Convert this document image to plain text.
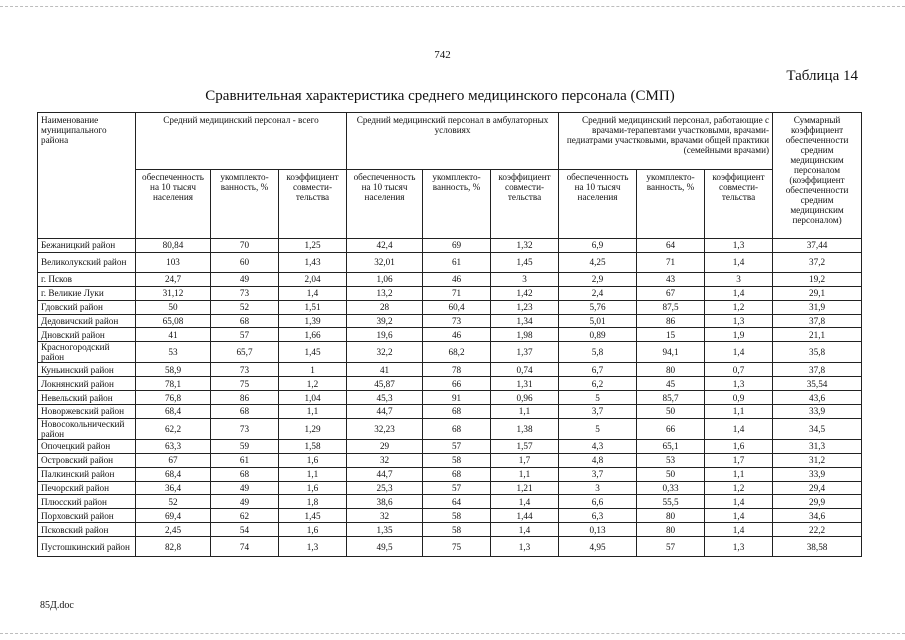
742
Таблица 14
Сравнительная характеристика среднего медицинского персонала (СМП)
Наименование муниципального района	Средний медицинский персонал - всего			Средний медицинский персонал в амбулаторных условиях			Средний медицинский персонал, работающие с врачами-терапевтами участковыми, врачами-педиатрами участковыми, врачами общей практики (семейными врачами)			Суммарный коэффициент обеспеченности средним медицинским персоналом (коэффициент обеспеченности средним медицинским персоналом)
	обеспеченность на 10 тысяч населения	укомплекто-ванность, %	коэффициент совмести-тельства	обеспеченность на 10 тысяч населения	укомплекто-ванность, %	коэффициент совмести-тельства	обеспеченность на 10 тысяч населения	укомплекто-ванность, %	коэффициент совмести-тельства	
Бежаницкий район	80,84	70	1,25	42,4	69	1,32	6,9	64	1,3	37,44
Великолукский район	103	60	1,43	32,01	61	1,45	4,25	71	1,4	37,2
г. Псков	24,7	49	2,04	1,06	46	3	2,9	43	3	19,2
г. Великие Луки	31,12	73	1,4	13,2	71	1,42	2,4	67	1,4	29,1
Гдовский район	50	52	1,51	28	60,4	1,23	5,76	87,5	1,2	31,9
Дедовичский район	65,08	68	1,39	39,2	73	1,34	5,01	86	1,3	37,8
Дновский район	41	57	1,66	19,6	46	1,98	0,89	15	1,9	21,1
Красногородский район	53	65,7	1,45	32,2	68,2	1,37	5,8	94,1	1,4	35,8
Куньинский район	58,9	73	1	41	78	0,74	6,7	80	0,7	37,8
Локнянский район	78,1	75	1,2	45,87	66	1,31	6,2	45	1,3	35,54
Невельский район	76,8	86	1,04	45,3	91	0,96	5	85,7	0,9	43,6
Новоржевский район	68,4	68	1,1	44,7	68	1,1	3,7	50	1,1	33,9
Новосокольнический район	62,2	73	1,29	32,23	68	1,38	5	66	1,4	34,5
Опочецкий район	63,3	59	1,58	29	57	1,57	4,3	65,1	1,6	31,3
Островский район	67	61	1,6	32	58	1,7	4,8	53	1,7	31,2
Палкинский район	68,4	68	1,1	44,7	68	1,1	3,7	50	1,1	33,9
Печорский район	36,4	49	1,6	25,3	57	1,21	3	0,33	1,2	29,4
Плюсский район	52	49	1,8	38,6	64	1,4	6,6	55,5	1,4	29,9
Порховский район	69,4	62	1,45	32	58	1,44	6,3	80	1,4	34,6
Псковский район	2,45	54	1,6	1,35	58	1,4	0,13	80	1,4	22,2
Пустошкинский район	82,8	74	1,3	49,5	75	1,3	4,95	57	1,3	38,58
85Д.doc
